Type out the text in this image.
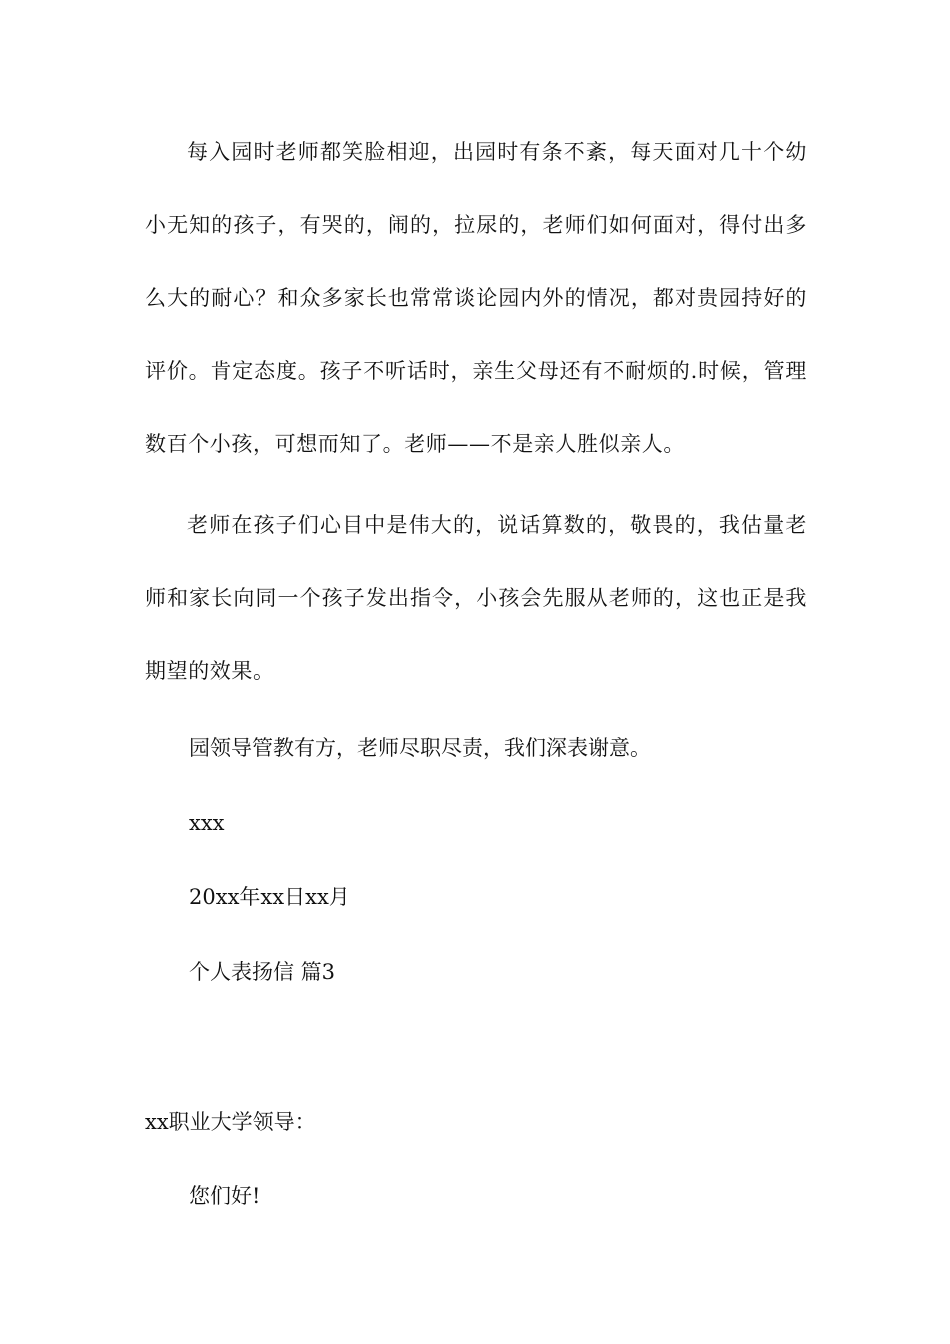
每入园时老师都笑脸相迎，出园时有条不紊，每天面对几十个幼小无知的孩子，有哭的，闹的，拉尿的，老师们如何面对，得付出多么大的耐心？和众多家长也常常谈论园内外的情况，都对贵园持好的评价。肯定态度。孩子不听话时，亲生父母还有不耐烦的.时候，管理数百个小孩，可想而知了。老师——不是亲人胜似亲人。

老师在孩子们心目中是伟大的，说话算数的，敬畏的，我估量老师和家长向同一个孩子发出指令，小孩会先服从老师的，这也正是我期望的效果。

园领导管教有方，老师尽职尽责，我们深表谢意。

xxx

20xx年xx日xx月

个人表扬信 篇3

xx职业大学领导：

您们好!
